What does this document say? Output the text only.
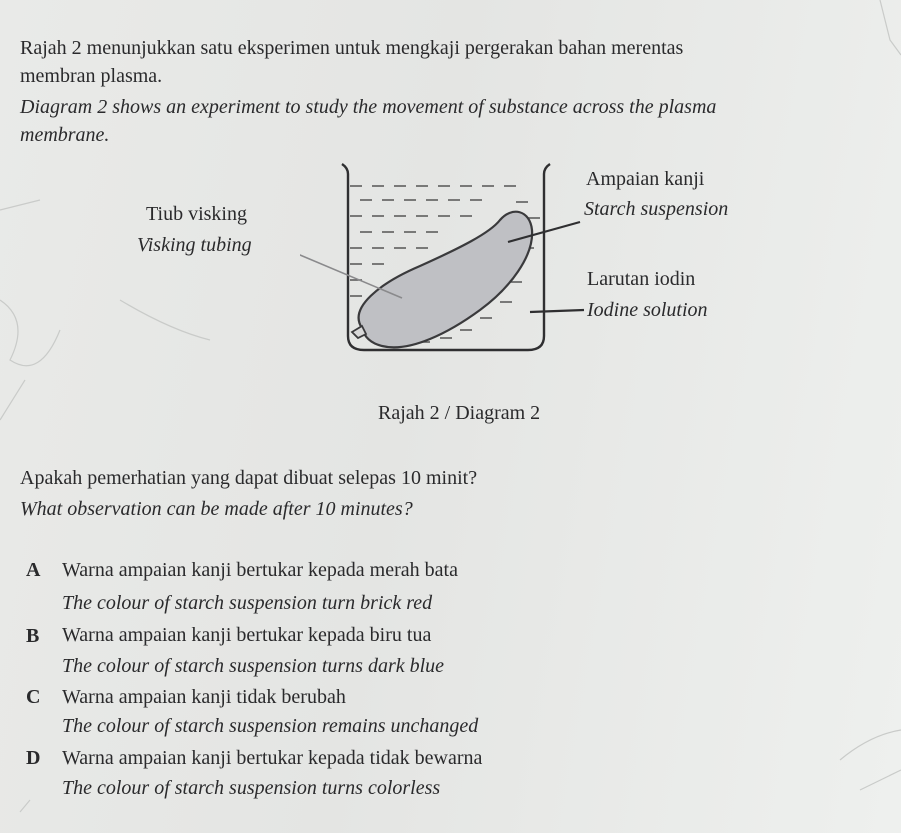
Rajah 2 menunjukkan satu eksperimen untuk mengkaji pergerakan bahan merentas
membran plasma.
Diagram 2 shows an experiment to study the movement of substance across the plasma
membrane.
Tiub visking
Visking tubing
Ampaian kanji
Starch suspension
Larutan iodin
Iodine solution
Rajah 2 / Diagram 2
Apakah pemerhatian yang dapat dibuat selepas 10 minit?
What observation can be made after 10 minutes?
A Warna ampaian kanji bertukar kepada merah bata
The colour of starch suspension turn brick red
B Warna ampaian kanji bertukar kepada biru tua
The colour of starch suspension turns dark blue
C Warna ampaian kanji tidak berubah
The colour of starch suspension remains unchanged
D Warna ampaian kanji bertukar kepada tidak bewarna
The colour of starch suspension turns colorless
